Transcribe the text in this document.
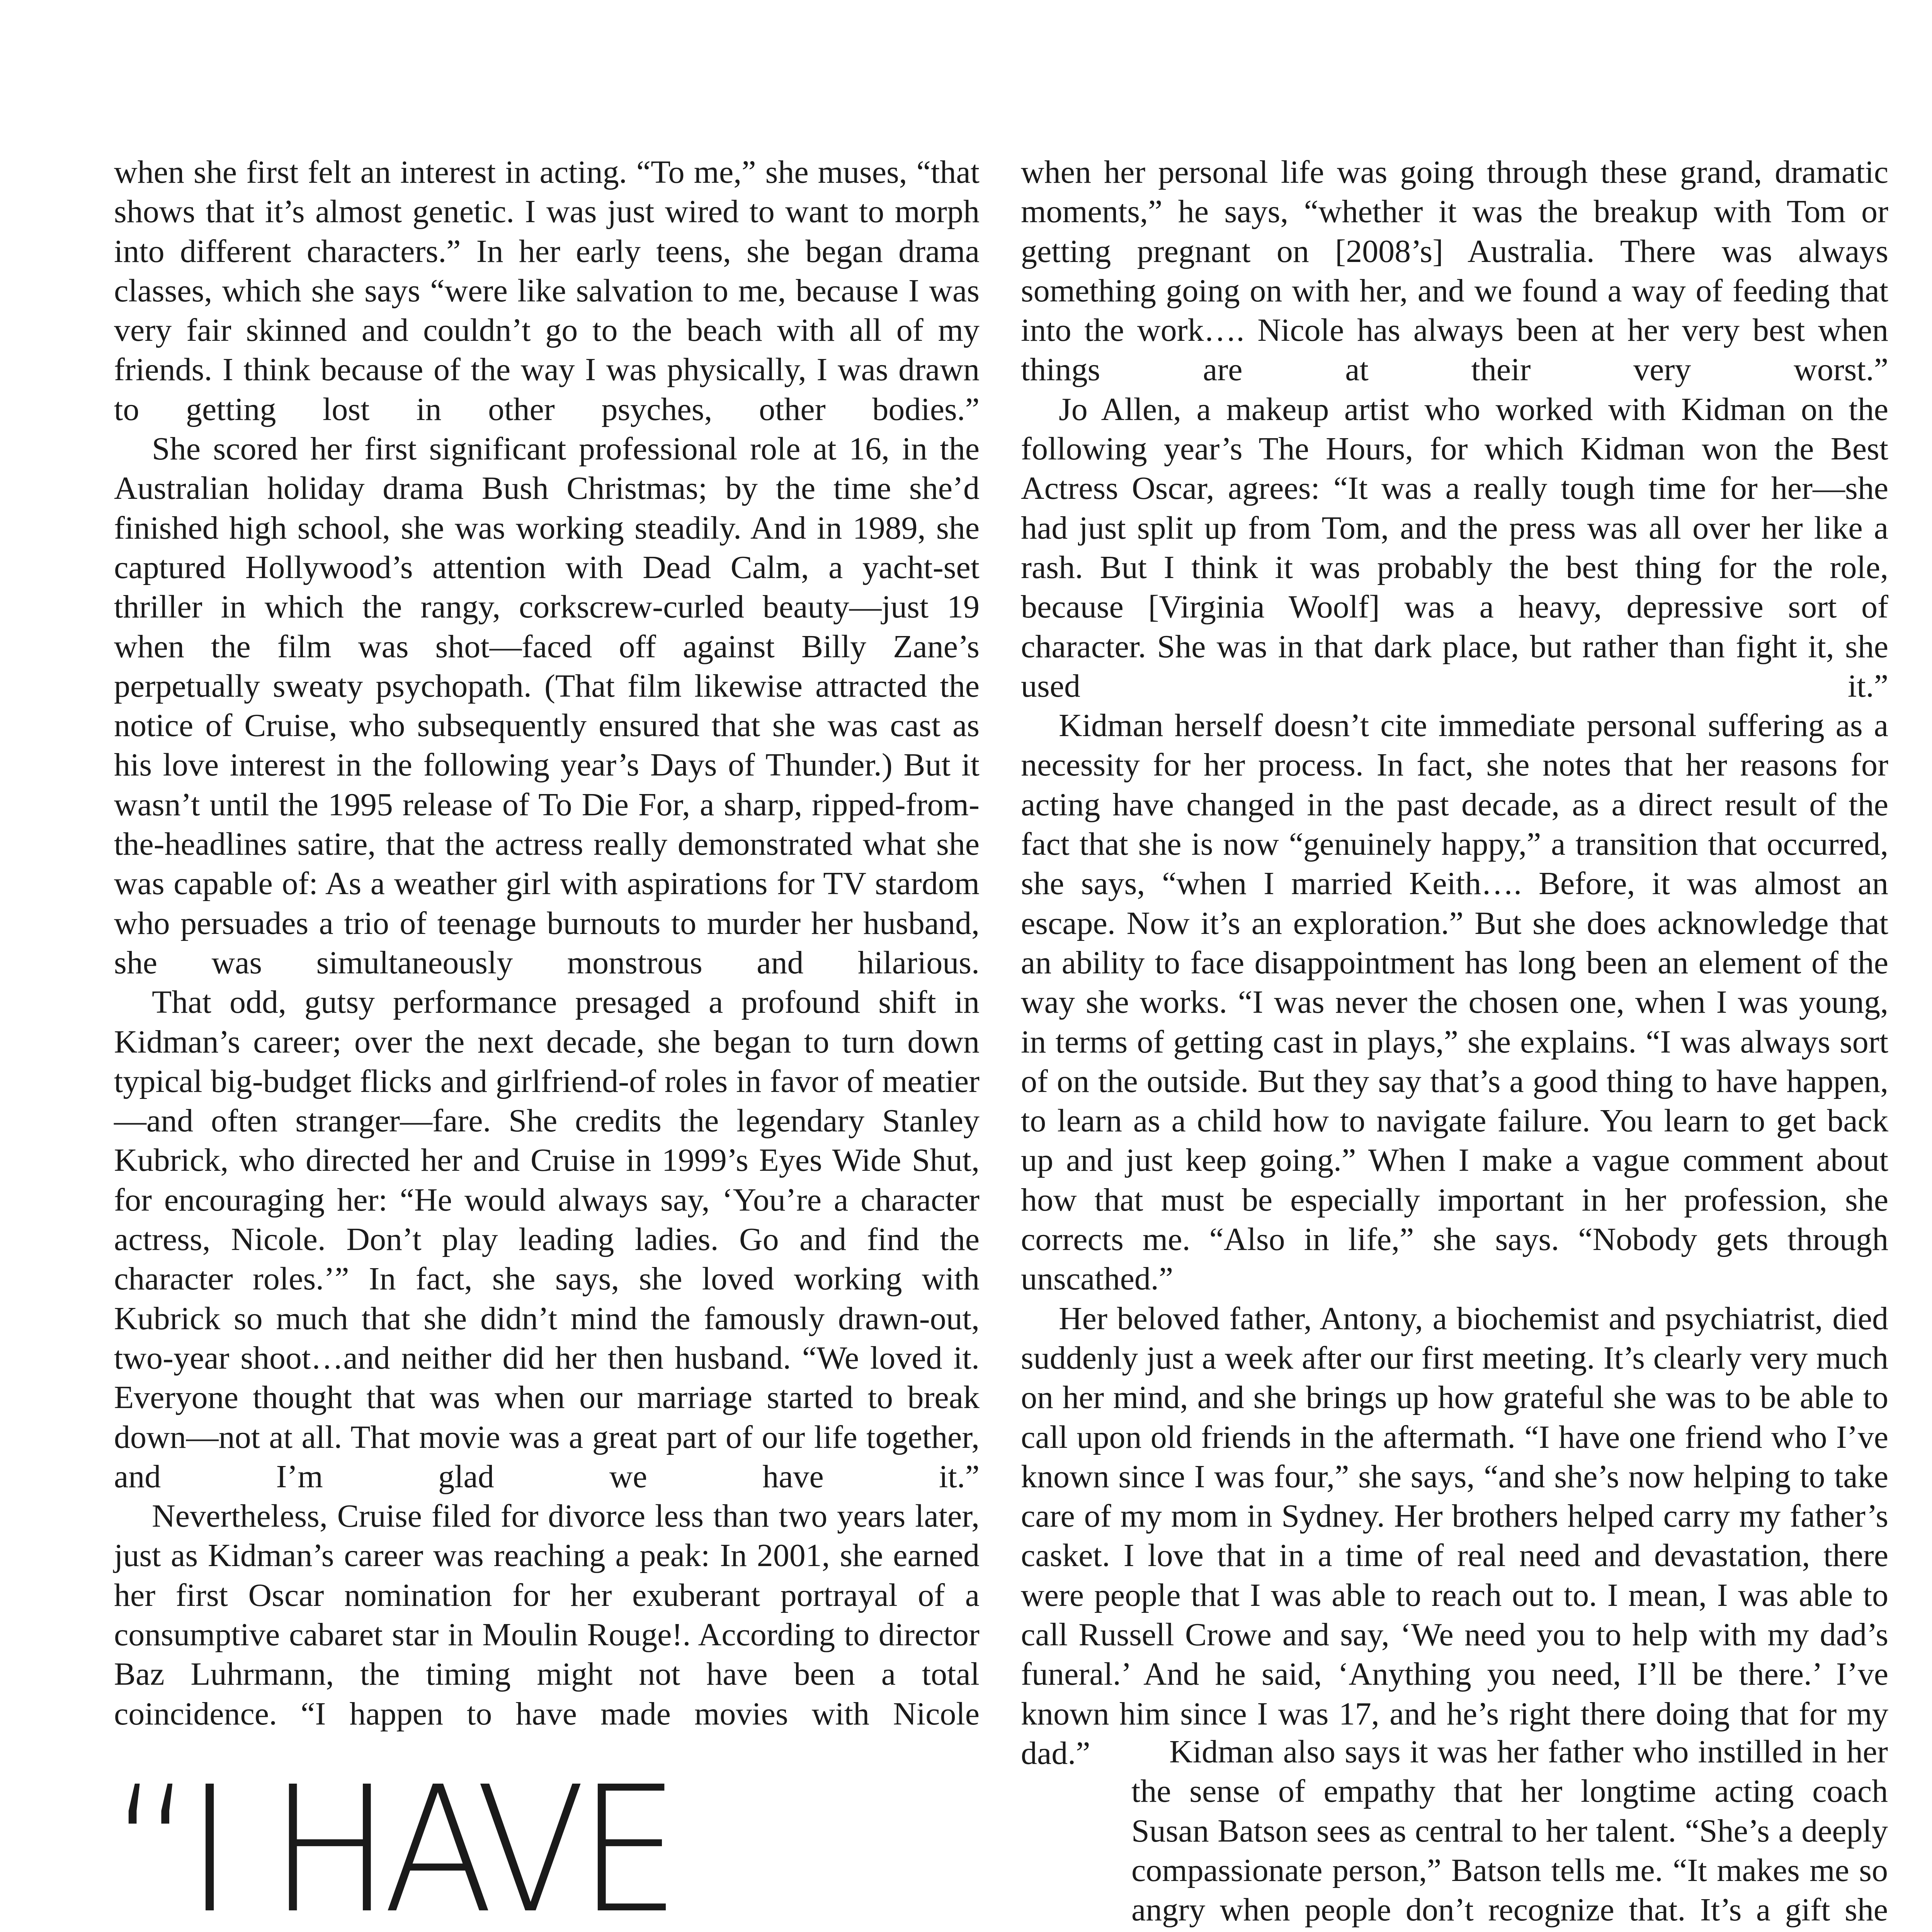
when she first felt an interest in acting. “To me,” she muses, “that shows that it’s almost genetic. I was just wired to want to morph into different characters.” In her early teens, she began drama classes, which she says “were like salvation to me, because I was very fair skinned and couldn’t go to the beach with all of my friends. I think because of the way I was physically, I was drawn to getting lost in other psyches, other bodies.”

She scored her first significant professional role at 16, in the Australian holiday drama Bush Christmas; by the time she’d finished high school, she was working steadily. And in 1989, she captured Hollywood’s attention with Dead Calm, a yacht-set thriller in which the rangy, corkscrew-curled beauty—just 19 when the film was shot—faced off against Billy Zane’s perpetually sweaty psychopath. (That film likewise attracted the notice of Cruise, who subsequently ensured that she was cast as his love interest in the following year’s Days of Thunder.) But it wasn’t until the 1995 release of To Die For, a sharp, ripped-from-the-headlines satire, that the actress really demonstrated what she was capable of: As a weather girl with aspirations for TV stardom who persuades a trio of teenage burnouts to murder her husband, she was simultaneously monstrous and hilarious.

That odd, gutsy performance presaged a profound shift in Kidman’s career; over the next decade, she began to turn down typical big-budget flicks and girlfriend-of roles in favor of meatier—and often stranger—fare. She credits the legendary Stanley Kubrick, who directed her and Cruise in 1999’s Eyes Wide Shut, for encouraging her: “He would always say, ‘You’re a character actress, Nicole. Don’t play leading ladies. Go and find the character roles.’” In fact, she says, she loved working with Kubrick so much that she didn’t mind the famously drawn-out, two-year shoot…and neither did her then husband. “We loved it. Everyone thought that was when our marriage started to break down—not at all. That movie was a great part of our life together, and I’m glad we have it.”

Nevertheless, Cruise filed for divorce less than two years later, just as Kidman’s career was reaching a peak: In 2001, she earned her first Oscar nomination for her exuberant portrayal of a consumptive cabaret star in Moulin Rouge!. According to director Baz Luhrmann, the timing might not have been a total coincidence. “I happen to have made movies with Nicole

when her personal life was going through these grand, dramatic moments,” he says, “whether it was the breakup with Tom or getting pregnant on [2008’s] Australia. There was always something going on with her, and we found a way of feeding that into the work…. Nicole has always been at her very best when things are at their very worst.”

Jo Allen, a makeup artist who worked with Kidman on the following year’s The Hours, for which Kidman won the Best Actress Oscar, agrees: “It was a really tough time for her—she had just split up from Tom, and the press was all over her like a rash. But I think it was probably the best thing for the role, because [Virginia Woolf] was a heavy, depressive sort of character. She was in that dark place, but rather than fight it, she used it.”

Kidman herself doesn’t cite immediate personal suffering as a necessity for her process. In fact, she notes that her reasons for acting have changed in the past decade, as a direct result of the fact that she is now “genuinely happy,” a transition that occurred, she says, “when I married Keith…. Before, it was almost an escape. Now it’s an exploration.” But she does acknowledge that an ability to face disappointment has long been an element of the way she works. “I was never the chosen one, when I was young, in terms of getting cast in plays,” she explains. “I was always sort of on the outside. But they say that’s a good thing to have happen, to learn as a child how to navigate failure. You learn to get back up and just keep going.” When I make a vague comment about how that must be especially important in her profession, she corrects me. “Also in life,” she says. “Nobody gets through unscathed.”

Her beloved father, Antony, a biochemist and psychiatrist, died suddenly just a week after our first meeting. It’s clearly very much on her mind, and she brings up how grateful she was to be able to call upon old friends in the aftermath. “I have one friend who I’ve known since I was four,” she says, “and she’s now helping to take care of my mom in Sydney. Her brothers helped carry my father’s casket. I love that in a time of real need and devastation, there were people that I was able to reach out to. I mean, I was able to call Russell Crowe and say, ‘We need you to help with my dad’s funeral.’ And he said, ‘Anything you need, I’ll be there.’ I’ve known him since I was 17, and he’s right there doing that for my dad.”	Kidman also says it was her father who instilled in her the sense of empathy that her longtime acting coach Susan Batson sees as central to her talent. “She’s a deeply compassionate person,” Batson tells me. “It makes me so angry when people don’t recognize that. It’s a gift she

“I HAVE
